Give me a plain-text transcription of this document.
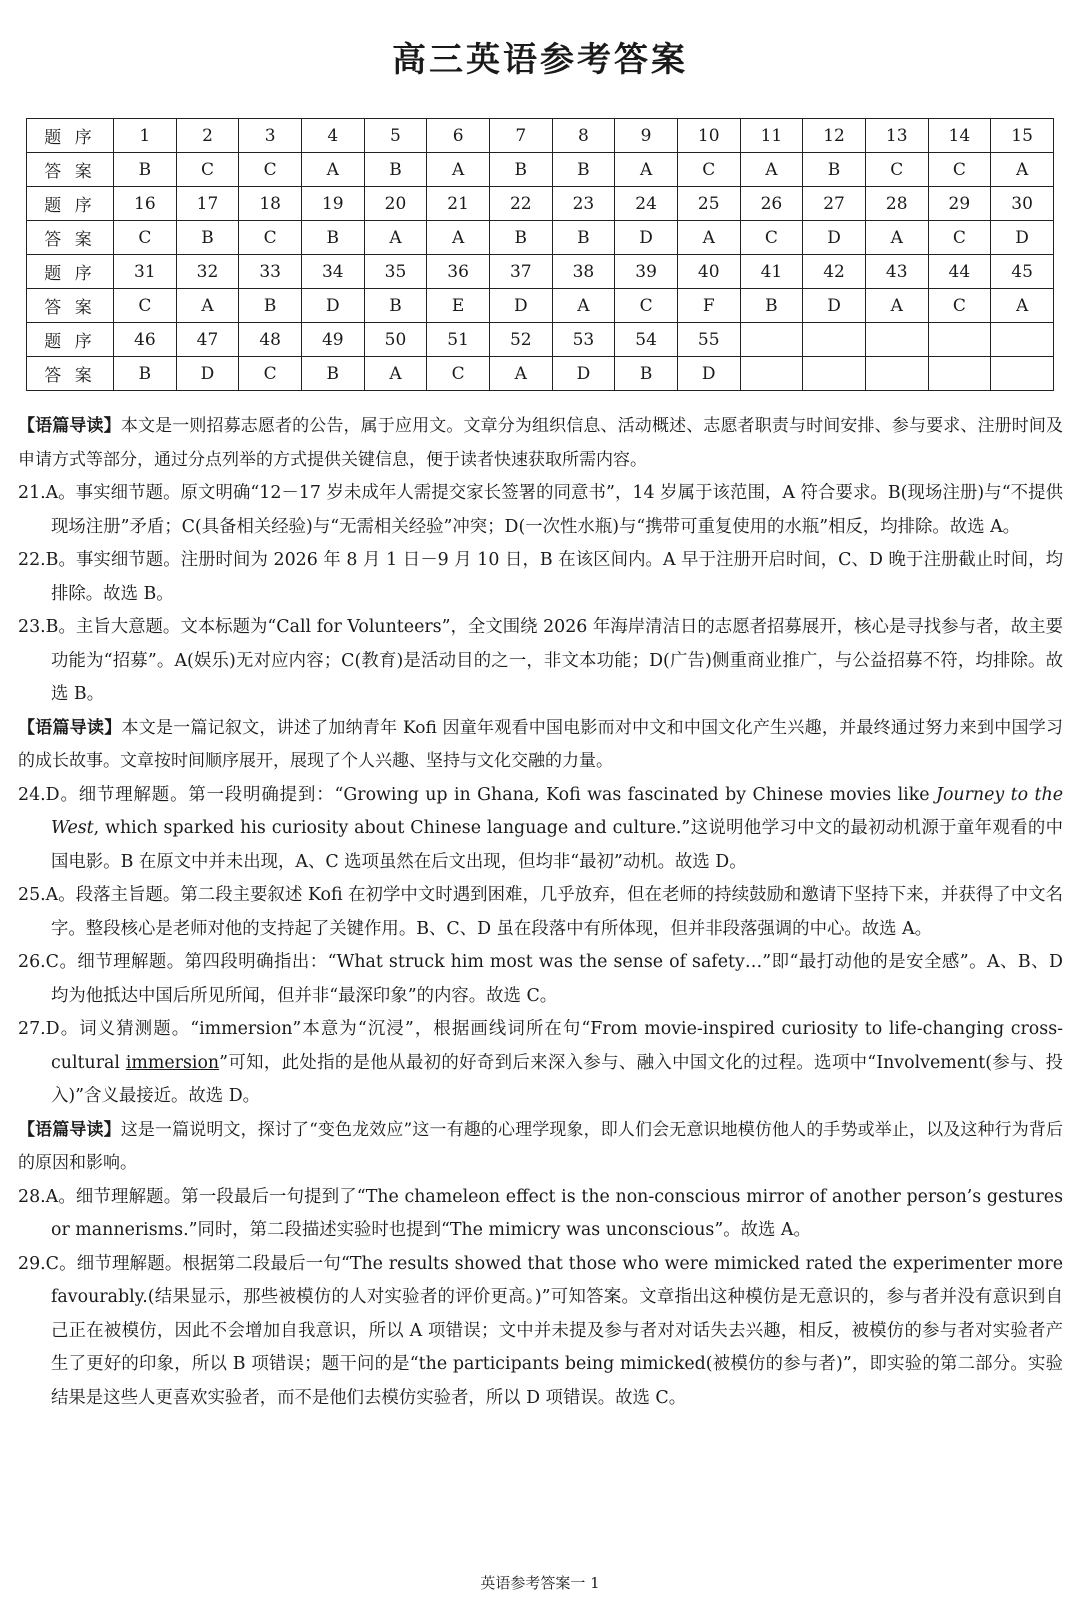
高三英语参考答案
题 序	1	2	3	4	5	6	7	8	9	10	11	12	13	14	15
答 案	B	C	C	A	B	A	B	B	A	C	A	B	C	C	A
题 序	16	17	18	19	20	21	22	23	24	25	26	27	28	29	30
答 案	C	B	C	B	A	A	B	B	D	A	C	D	A	C	D
题 序	31	32	33	34	35	36	37	38	39	40	41	42	43	44	45
答 案	C	A	B	D	B	E	D	A	C	F	B	D	A	C	A
题 序	46	47	48	49	50	51	52	53	54	55					
答 案	B	D	C	B	A	C	A	D	B	D					

【语篇导读】本文是一则招募志愿者的公告，属于应用文。文章分为组织信息、活动概述、志愿者职责与时间安排、参与要求、注册时间及申请方式等部分，通过分点列举的方式提供关键信息，便于读者快速获取所需内容。

21.A。事实细节题。原文明确“12－17 岁未成年人需提交家长签署的同意书”，14 岁属于该范围，A 符合要求。B(现场注册)与“不提供现场注册”矛盾；C(具备相关经验)与“无需相关经验”冲突；D(一次性水瓶)与“携带可重复使用的水瓶”相反，均排除。故选 A。

22.B。事实细节题。注册时间为 2026 年 8 月 1 日－9 月 10 日，B 在该区间内。A 早于注册开启时间，C、D 晚于注册截止时间，均排除。故选 B。

23.B。主旨大意题。文本标题为“Call for Volunteers”，全文围绕 2026 年海岸清洁日的志愿者招募展开，核心是寻找参与者，故主要功能为“招募”。A(娱乐)无对应内容；C(教育)是活动目的之一，非文本功能；D(广告)侧重商业推广，与公益招募不符，均排除。故选 B。

【语篇导读】本文是一篇记叙文，讲述了加纳青年 Kofi 因童年观看中国电影而对中文和中国文化产生兴趣，并最终通过努力来到中国学习的成长故事。文章按时间顺序展开，展现了个人兴趣、坚持与文化交融的力量。

24.D。细节理解题。第一段明确提到：“Growing up in Ghana, Kofi was fascinated by Chinese movies like Journey to the West, which sparked his curiosity about Chinese language and culture.”这说明他学习中文的最初动机源于童年观看的中国电影。B 在原文中并未出现，A、C 选项虽然在后文出现，但均非“最初”动机。故选 D。

25.A。段落主旨题。第二段主要叙述 Kofi 在初学中文时遇到困难，几乎放弃，但在老师的持续鼓励和邀请下坚持下来，并获得了中文名字。整段核心是老师对他的支持起了关键作用。B、C、D 虽在段落中有所体现，但并非段落强调的中心。故选 A。

26.C。细节理解题。第四段明确指出：“What struck him most was the sense of safety…”即“最打动他的是安全感”。A、B、D 均为他抵达中国后所见所闻，但并非“最深印象”的内容。故选 C。

27.D。词义猜测题。“immersion”本意为“沉浸”，根据画线词所在句“From movie-inspired curiosity to life-changing cross-cultural immersion”可知，此处指的是他从最初的好奇到后来深入参与、融入中国文化的过程。选项中“Involvement(参与、投入)”含义最接近。故选 D。

【语篇导读】这是一篇说明文，探讨了“变色龙效应”这一有趣的心理学现象，即人们会无意识地模仿他人的手势或举止，以及这种行为背后的原因和影响。

28.A。细节理解题。第一段最后一句提到了“The chameleon effect is the non-conscious mirror of another person’s gestures or mannerisms.”同时，第二段描述实验时也提到“The mimicry was unconscious”。故选 A。

29.C。细节理解题。根据第二段最后一句“The results showed that those who were mimicked rated the experimenter more favourably.(结果显示，那些被模仿的人对实验者的评价更高。)”可知答案。文章指出这种模仿是无意识的，参与者并没有意识到自己正在被模仿，因此不会增加自我意识，所以 A 项错误；文中并未提及参与者对对话失去兴趣，相反，被模仿的参与者对实验者产生了更好的印象，所以 B 项错误；题干问的是“the participants being mimicked(被模仿的参与者)”，即实验的第二部分。实验结果是这些人更喜欢实验者，而不是他们去模仿实验者，所以 D 项错误。故选 C。

英语参考答案一 1
